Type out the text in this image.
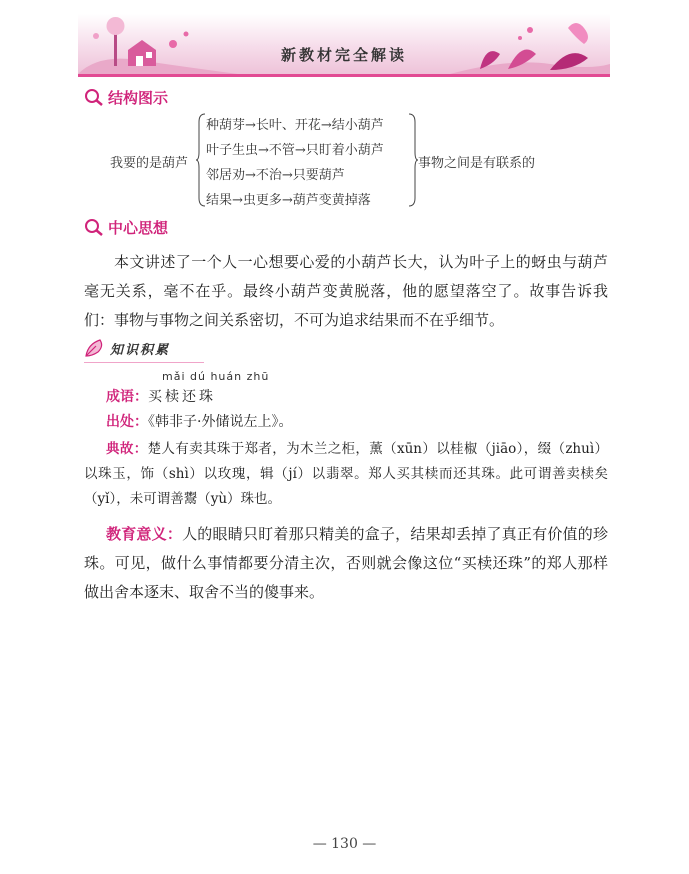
新教材完全解读
结构图示
我要的是葫芦
种葫芽→长叶、开花→结小葫芦
叶子生虫→不管→只盯着小葫芦
邻居劝→不治→只要葫芦
结果→虫更多→葫芦变黄掉落
事物之间是有联系的
中心思想

本文讲述了一个人一心想要心爱的小葫芦长大，认为叶子上的蚜虫与葫芦毫无关系，毫不在乎。最终小葫芦变黄脱落，他的愿望落空了。故事告诉我们：事物与事物之间关系密切，不可为追求结果而不在乎细节。

知识积累
mǎi dú huán zhū
成语：买椟还珠
出处：《韩非子·外储说左上》。

典故：楚人有卖其珠于郑者，为木兰之柜，薰（xūn）以桂椒（jiāo），缀（zhuì）以珠玉，饰（shì）以玫瑰，辑（jí）以翡翠。郑人买其椟而还其珠。此可谓善卖椟矣（yǐ），未可谓善鬻（yù）珠也。

教育意义：人的眼睛只盯着那只精美的盒子，结果却丢掉了真正有价值的珍珠。可见，做什么事情都要分清主次，否则就会像这位“买椟还珠”的郑人那样做出舍本逐末、取舍不当的傻事来。

— 130 —
